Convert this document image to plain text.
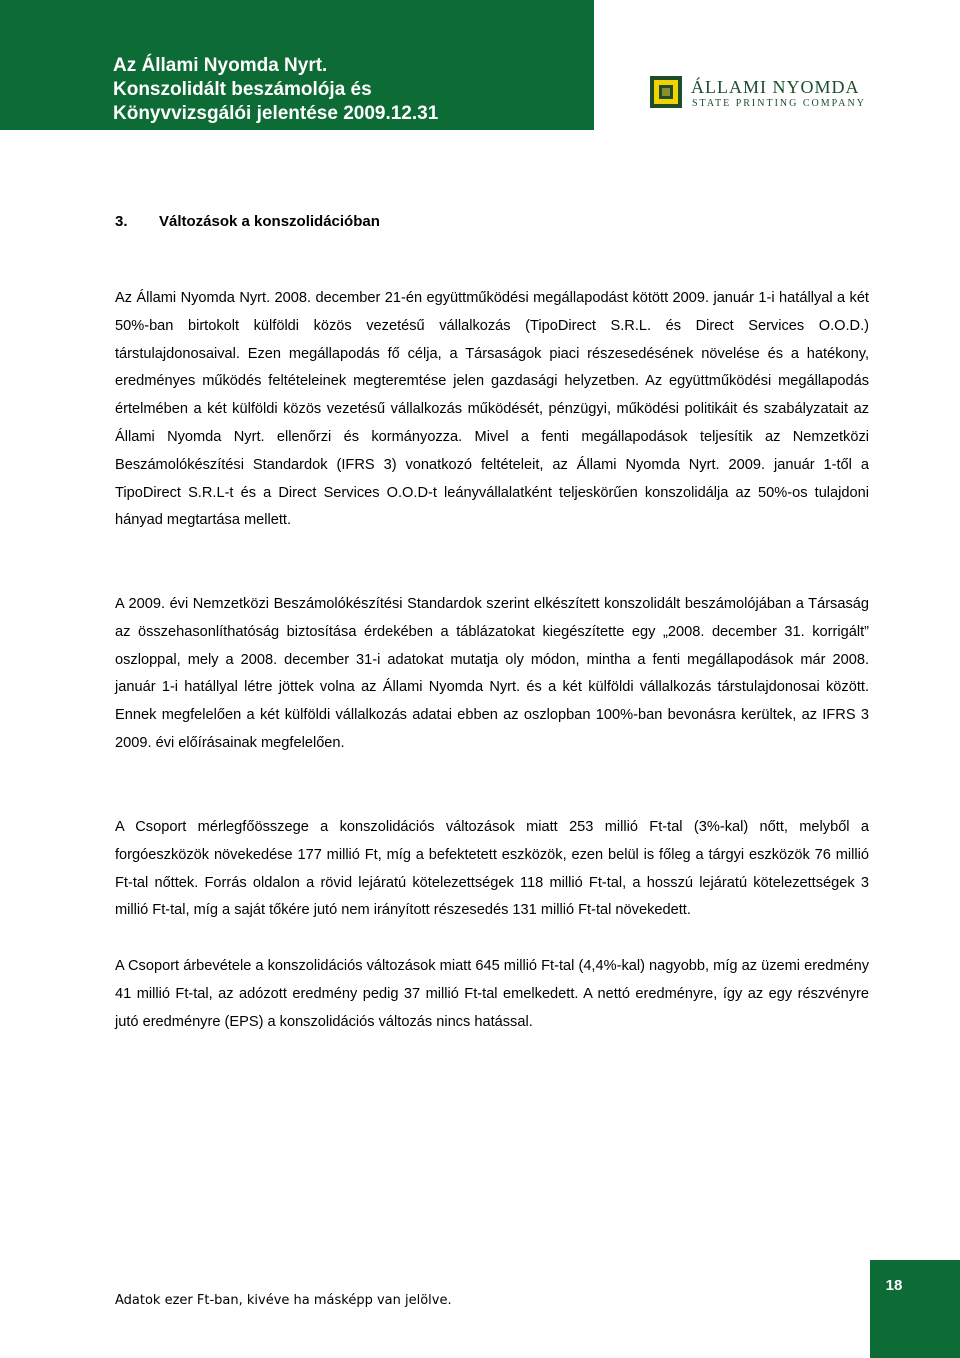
Az Állami Nyomda Nyrt.
Konszolidált beszámolója és
Könyvvizsgálói jelentése 2009.12.31
ÁLLAMI NYOMDA
STATE PRINTING COMPANY
3. Változások a konszolidációban

Az Állami Nyomda Nyrt. 2008. december 21-én együttműködési megállapodást kötött 2009. január 1-i hatállyal a két 50%-ban birtokolt külföldi közös vezetésű vállalkozás (TipoDirect S.R.L. és Direct Services O.O.D.) társtulajdonosaival. Ezen megállapodás fő célja, a Társaságok piaci részesedésének növelése és a hatékony, eredményes működés feltételeinek megteremtése jelen gazdasági helyzetben. Az együttműködési megállapodás értelmében a két külföldi közös vezetésű vállalkozás működését, pénzügyi, működési politikáit és szabályzatait az Állami Nyomda Nyrt. ellenőrzi és kormányozza. Mivel a fenti megállapodások teljesítik az Nemzetközi Beszámolókészítési Standardok (IFRS 3) vonatkozó feltételeit, az Állami Nyomda Nyrt. 2009. január 1-től a TipoDirect S.R.L-t és a Direct Services O.O.D-t leányvállalatként teljeskörűen konszolidálja az 50%-os tulajdoni hányad megtartása mellett.

A 2009. évi Nemzetközi Beszámolókészítési Standardok szerint elkészített konszolidált beszámolójában a Társaság az összehasonlíthatóság biztosítása érdekében a táblázatokat kiegészítette egy „2008. december 31. korrigált” oszloppal, mely a 2008. december 31-i adatokat mutatja oly módon, mintha a fenti megállapodások már 2008. január 1-i hatállyal létre jöttek volna az Állami Nyomda Nyrt. és a két külföldi vállalkozás társtulajdonosai között. Ennek megfelelően a két külföldi vállalkozás adatai ebben az oszlopban 100%-ban bevonásra kerültek, az IFRS 3 2009. évi előírásainak megfelelően.

A Csoport mérlegfőösszege a konszolidációs változások miatt 253 millió Ft-tal (3%-kal) nőtt, melyből a forgóeszközök növekedése 177 millió Ft, míg a befektetett eszközök, ezen belül is főleg a tárgyi eszközök 76 millió Ft-tal nőttek. Forrás oldalon a rövid lejáratú kötelezettségek 118 millió Ft-tal, a hosszú lejáratú kötelezettségek 3 millió Ft-tal, míg a saját tőkére jutó nem irányított részesedés 131 millió Ft-tal növekedett.

A Csoport árbevétele a konszolidációs változások miatt 645 millió Ft-tal (4,4%-kal) nagyobb, míg az üzemi eredmény 41 millió Ft-tal, az adózott eredmény pedig 37 millió Ft-tal emelkedett. A nettó eredményre, így az egy részvényre jutó eredményre (EPS) a konszolidációs változás nincs hatással.

Adatok ezer Ft-ban, kivéve ha másképp van jelölve.
18
